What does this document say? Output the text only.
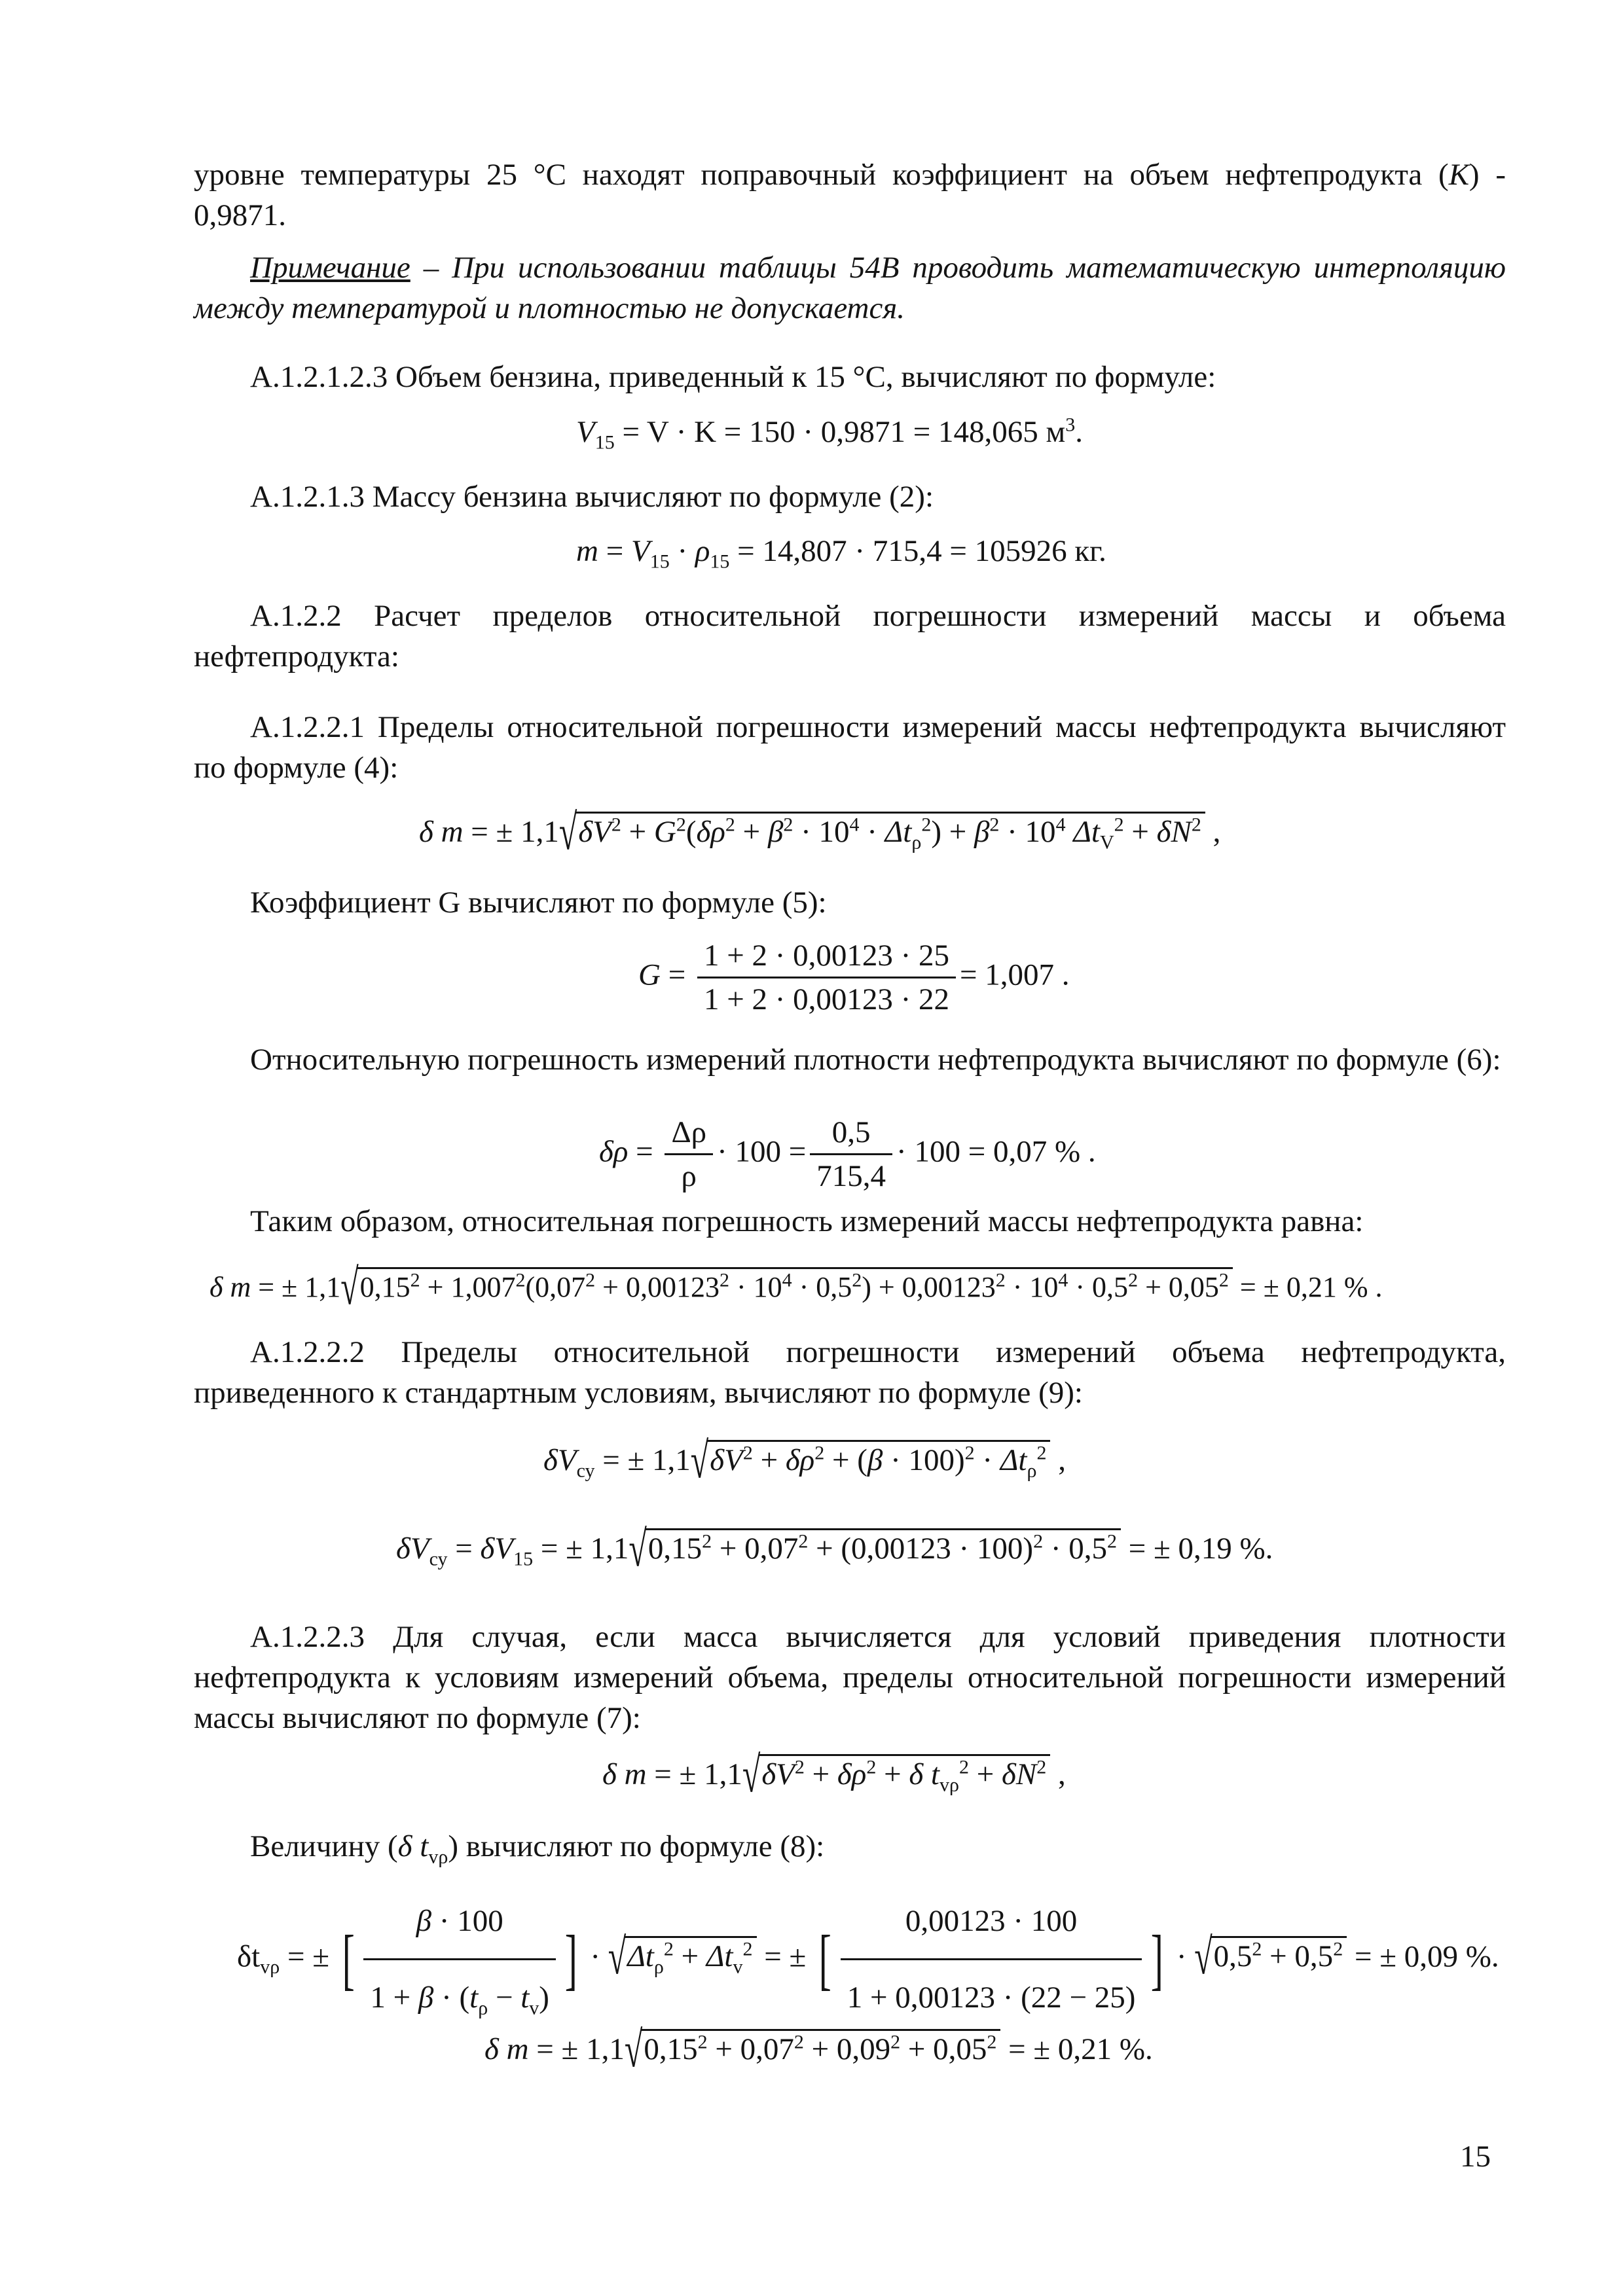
уровне температуры 25 °С находят поправочный коэффициент на объем нефтепродукта (К) -

0,9871.

Примечание – При использовании таблицы 54В проводить математическую интерполяцию между температурой и плотностью не допускается.

А.1.2.1.2.3 Объем бензина, приведенный к 15 °С, вычисляют по формуле:

$V_{15} = V \cdot K = 150 \cdot 0,9871 = 148,065$ $м^3$.

А.1.2.1.3 Массу бензина вычисляют по формуле (2):

$m = V_{15} \cdot \rho_{15} = 14,807 \cdot 715,4 = 105926$ кг.

А.1.2.2 Расчет пределов относительной погрешности измерений массы и объема нефтепродукта:

А.1.2.2.1 Пределы относительной погрешности измерений массы нефтепродукта вычисляют по формуле (4):

δ m = ± $1,1√\delta V^2 + G^2(\delta\rho^2 + \beta^2 \cdot 10^4 \cdot \Delta t_\rho^2) + \beta^2 \cdot 10^4$ $\Delta t_V^2 + \delta N^2$ ,

Коэффициент G вычисляют по формуле (5):

$G = \frac{1 + 2 \cdot 0,00123 \cdot 25}{1 + 2 \cdot 0,00123 \cdot 22} = 1,007$ .

Относительную погрешность измерений плотности нефтепродукта вычисляют по формуле (6):

$\delta\rho = \frac{\Delta\rho}{\rho} \cdot 100 = \frac{0,5}{715,4} \cdot 100 = 0,07$ % .

Таким образом, относительная погрешность измерений массы нефтепродукта равна:

δ m = ± $1,1√0,15^2 + 1,007^2(0,07^2 + 0,00123^2 \cdot 10^4 \cdot 0,5^2) + 0,00123^2 \cdot 10^4 \cdot 0,5^2 + 0,05^2$ = ± 0,21 % .

А.1.2.2.2 Пределы относительной погрешности измерений объема нефтепродукта, приведенного к стандартным условиям, вычисляют по формуле (9):

$\delta V_{су}$ = ± $1,1√\delta V^2 + \delta\rho^2 + (\beta \cdot 100)^2 \cdot \Delta t_\rho^2$ ,
$\delta V_{су} = \delta V_{15}$ = ± $1,1√0,15^2 + 0,07^2 + (0,00123 \cdot 100)^2 \cdot 0,5^2$ = ± 0,19 %.

А.1.2.2.3 Для случая, если масса вычисляется для условий приведения плотности нефтепродукта к условиям измерений объема, пределы относительной погрешности измерений массы вычисляют по формуле (7):

δ m = ± $1,1√\delta V^2 + \delta\rho^2 + \delta$ $t_{v\rho}^2 + \delta N^2$ ,

Величину (δ $t_{v\rho}$) вычисляют по формуле (8):

$\delta t_{v\rho}$ = ± [ $\frac{\beta \cdot 100}{1 + \beta \cdot (t_\rho - t_v)}$ ] · $√\Delta t_\rho^2 + \Delta t_v^2$ = ± [ $\frac{0,00123 \cdot 100}{1 + 0,00123 \cdot (22 - 25)}$ ] · $√0,5^2 + 0,5^2$ = ± 0,09 %.
δ m = ± $1,1√0,15^2 + 0,07^2 + 0,09^2 + 0,05^2$ = ± 0,21 %.
15
